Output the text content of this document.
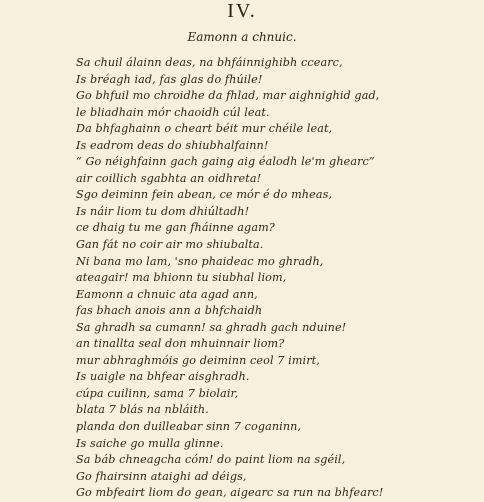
IV.
Eamonn a chnuic.
Sa chuil álainn deas, na bhfáinnighibh ccearc,
Is bréagh iad, fas glas do fhúile!
Go bhfuil mo chroidhe da fhlad, mar aighnighid gad,
le bliadhain mór chaoidh cúl leat.
Da bhfaghainn o cheart béit mur chéile leat,
Is eadrom deas do shiubhalfainn!
“ Go néighfainn gach gaing aig éalodh le'm ghearc”
air coillich sgabhta an oidhreta!
Sgo deiminn fein abean, ce mór é do mheas,
Is náir liom tu dom dhiúltadh!
ce dhaig tu me gan fháinne agam?
Gan fát no coir air mo shiubalta.
Ni bana mo lam, 'sno phaideac mo ghradh,
ateagair! ma bhionn tu siubhal liom,
Eamonn a chnuic ata agad ann,
fas bhach anois ann a bhfchaidh
Sa ghradh sa cumann! sa ghradh gach nduine!
an tinallta seal don mhuinnair liom?
mur abhraghmóis go deiminn ceol 7 imirt,
Is uaigle na bhfear aisghradh.
cúpa cuilinn, sama 7 biolair,
blata 7 blás na nbláith.
planda don duilleabar sinn 7 coganinn,
Is saiche go mulla glinne.
Sa báb chneagcha cóm! do paint liom na sgéil,
Go fhairsinn ataighi ad déigs,
Go mbfeairt liom do gean, aigearc sa run na bhfearc!
